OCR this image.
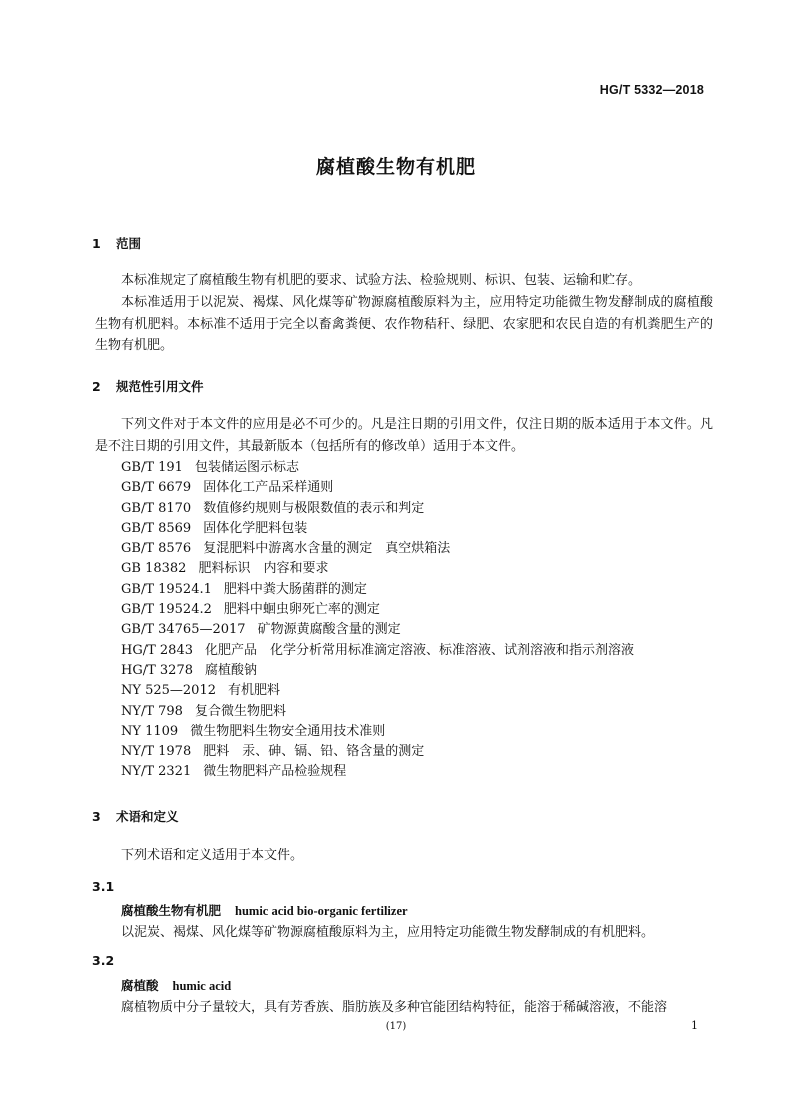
HG/T 5332—2018
腐植酸生物有机肥
1 范围

本标准规定了腐植酸生物有机肥的要求、试验方法、检验规则、标识、包装、运输和贮存。

本标准适用于以泥炭、褐煤、风化煤等矿物源腐植酸原料为主，应用特定功能微生物发酵制成的腐植酸生物有机肥料。本标准不适用于完全以畜禽粪便、农作物秸秆、绿肥、农家肥和农民自造的有机粪肥生产的生物有机肥。

2 规范性引用文件

下列文件对于本文件的应用是必不可少的。凡是注日期的引用文件，仅注日期的版本适用于本文件。凡是不注日期的引用文件，其最新版本（包括所有的修改单）适用于本文件。

GB/T 191 包装储运图示标志
GB/T 6679 固体化工产品采样通则
GB/T 8170 数值修约规则与极限数值的表示和判定
GB/T 8569 固体化学肥料包装
GB/T 8576 复混肥料中游离水含量的测定　真空烘箱法
GB 18382 肥料标识　内容和要求
GB/T 19524.1 肥料中粪大肠菌群的测定
GB/T 19524.2 肥料中蛔虫卵死亡率的测定
GB/T 34765—2017 矿物源黄腐酸含量的测定
HG/T 2843 化肥产品　化学分析常用标准滴定溶液、标准溶液、试剂溶液和指示剂溶液
HG/T 3278 腐植酸钠
NY 525—2012 有机肥料
NY/T 798 复合微生物肥料
NY 1109 微生物肥料生物安全通用技术准则
NY/T 1978 肥料　汞、砷、镉、铅、铬含量的测定
NY/T 2321 微生物肥料产品检验规程
3 术语和定义

下列术语和定义适用于本文件。

3.1
腐植酸生物有机肥 humic acid bio-organic fertilizer
以泥炭、褐煤、风化煤等矿物源腐植酸原料为主，应用特定功能微生物发酵制成的有机肥料。
3.2
腐植酸 humic acid
腐植物质中分子量较大，具有芳香族、脂肪族及多种官能团结构特征，能溶于稀碱溶液，不能溶
(17)	1
